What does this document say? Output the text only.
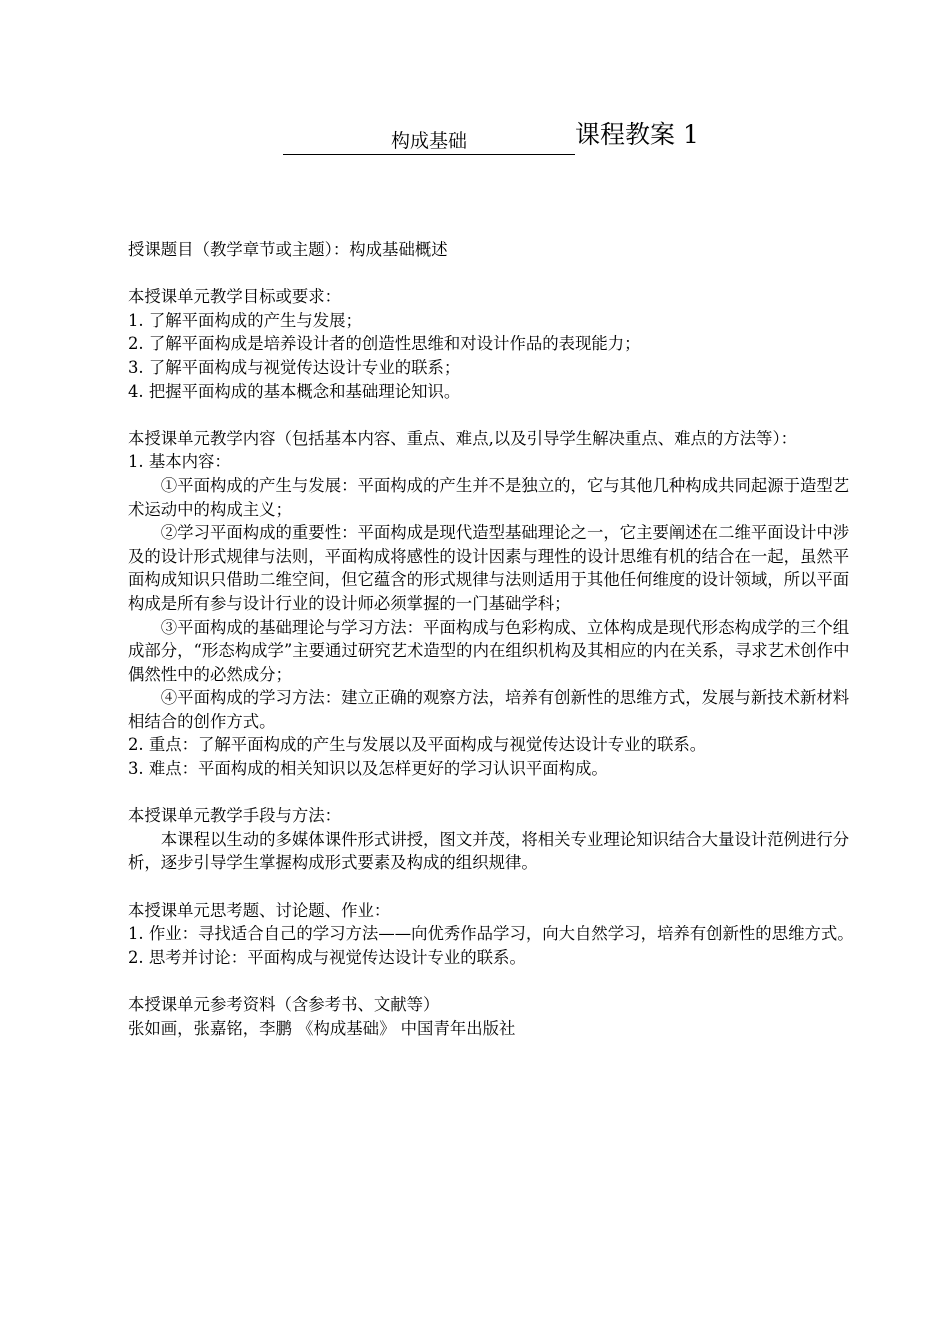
构成基础	课程教案 1

授课题目（教学章节或主题）：构成基础概述

本授课单元教学目标或要求：

1. 了解平面构成的产生与发展；

2. 了解平面构成是培养设计者的创造性思维和对设计作品的表现能力；

3. 了解平面构成与视觉传达设计专业的联系；

4. 把握平面构成的基本概念和基础理论知识。

本授课单元教学内容（包括基本内容、重点、难点,以及引导学生解决重点、难点的方法等）：

1. 基本内容：

①平面构成的产生与发展：平面构成的产生并不是独立的，它与其他几种构成共同起源于造型艺术运动中的构成主义；

②学习平面构成的重要性：平面构成是现代造型基础理论之一，它主要阐述在二维平面设计中涉及的设计形式规律与法则，平面构成将感性的设计因素与理性的设计思维有机的结合在一起，虽然平面构成知识只借助二维空间，但它蕴含的形式规律与法则适用于其他任何维度的设计领域，所以平面构成是所有参与设计行业的设计师必须掌握的一门基础学科；

③平面构成的基础理论与学习方法：平面构成与色彩构成、立体构成是现代形态构成学的三个组成部分，“形态构成学”主要通过研究艺术造型的内在组织机构及其相应的内在关系，寻求艺术创作中偶然性中的必然成分；

④平面构成的学习方法：建立正确的观察方法，培养有创新性的思维方式，发展与新技术新材料相结合的创作方式。

2. 重点：了解平面构成的产生与发展以及平面构成与视觉传达设计专业的联系。

3. 难点：平面构成的相关知识以及怎样更好的学习认识平面构成。

本授课单元教学手段与方法：

本课程以生动的多媒体课件形式讲授，图文并茂，将相关专业理论知识结合大量设计范例进行分析，逐步引导学生掌握构成形式要素及构成的组织规律。

本授课单元思考题、讨论题、作业：

1. 作业：寻找适合自己的学习方法——向优秀作品学习，向大自然学习，培养有创新性的思维方式。

2. 思考并讨论：平面构成与视觉传达设计专业的联系。

本授课单元参考资料（含参考书、文献等）

张如画，张嘉铭，李鹏 《构成基础》 中国青年出版社
